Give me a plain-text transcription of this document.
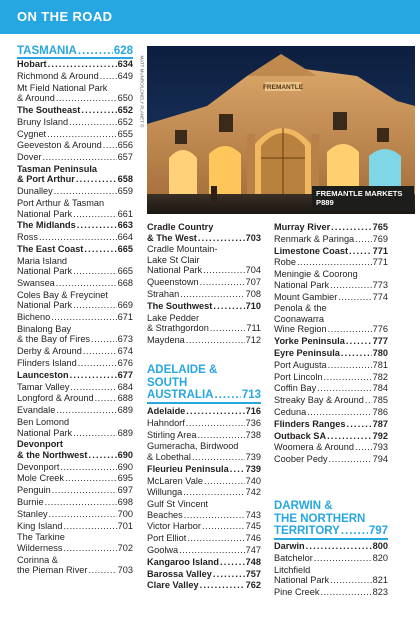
ON THE ROAD
TASMANIA .....	628
Hobart .....	634
Richmond & Around ..... 649
Mt Field National Park
& Around .....	650
The Southeast .....	652
Bruny Island .....	652
Cygnet .....	655
Geeveston & Around ..... 656
Dover .....	657
Tasman Peninsula
& Port Arthur .....	658
Dunalley .....	659
Port Arthur & Tasman
National Park .....	661
The Midlands .....	663
Ross .....	664
The East Coast .....	665
Maria Island
National Park .....	665
Swansea .....	668
Coles Bay & Freycinet
National Park .....	669
Bicheno .....	671
Binalong Bay
& the Bay of Fires .....	673
Derby & Around .....	674
Flinders Island .....	676
Launceston .....	677
Tamar Valley .....	684
Longford & Around .....	688
Evandale .....	689
Ben Lomond
National Park .....	689
Devonport
& the Northwest .....	690
Devonport .....	690
Mole Creek .....	695
Penguin .....	697
Burnie .....	698
Stanley .....	700
King Island .....	701
The Tarkine
Wilderness .....	702
Corinna &
the Pieman River .....	703
Cradle Country
& The West .....	703
Cradle Mountain-
Lake St Clair
National Park .....	704
Queenstown .....	707
Strahan .....	708
The Southwest .....	710
Lake Pedder
& Strathgordon .....	711
Maydena .....	712
ADELAIDE &
SOUTH
AUSTRALIA ..... 713
Adelaide .....	716
Hahndorf .....	736
Stirling Area .....	738
Gumeracha, Birdwood
& Lobethal .....	739
Fleurieu Peninsula ..... 739
McLaren Vale .....	740
Willunga .....	742
Gulf St Vincent
Beaches .....	743
Victor Harbor .....	745
Port Elliot .....	746
Goolwa .....	747
Kangaroo Island .....	748
Barossa Valley .....	757
Clare Valley .....	762
Murray River .....	765
Renmark & Paringa ..... 769
Limestone Coast .....	771
Robe .....	771
Meningie & Coorong
National Park .....	773
Mount Gambier .....	774
Penola & the
Coonawarra
Wine Region .....	776
Yorke Peninsula .....	777
Eyre Peninsula .....	780
Port Augusta .....	781
Port Lincoln .....	782
Coffin Bay .....	784
Streaky Bay & Around ..... 785
Ceduna .....	786
Flinders Ranges .....	787
Outback SA .....	792
Woomera & Around ..... 793
Coober Pedy .....	794
DARWIN &
THE NORTHERN
TERRITORY .....	797
Darwin .....	800
Batchelor .....	820
Litchfield
National Park .....	821
Pine Creek .....	823
MATT MUNRO/LONELY PLANET ©	FREMANTLE
FREMANTLE MARKETS
P889
